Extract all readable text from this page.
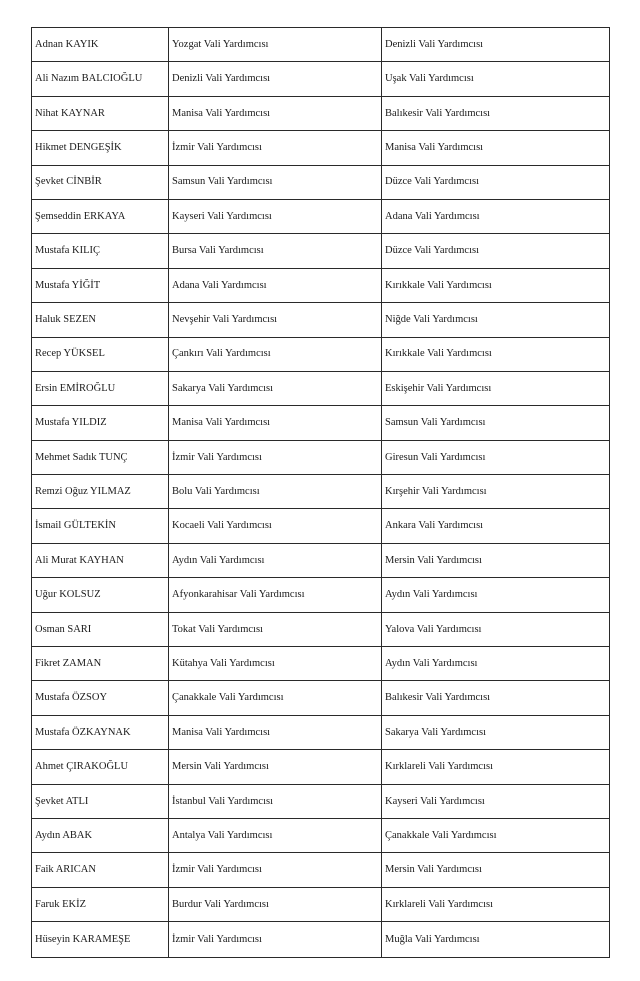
Adnan KAYIK	Yozgat Vali Yardımcısı	Denizli Vali Yardımcısı
Ali Nazım BALCIOĞLU	Denizli Vali Yardımcısı	Uşak Vali Yardımcısı
Nihat KAYNAR	Manisa Vali Yardımcısı	Balıkesir Vali Yardımcısı
Hikmet DENGEŞİK	İzmir Vali Yardımcısı	Manisa Vali Yardımcısı
Şevket CİNBİR	Samsun Vali Yardımcısı	Düzce Vali Yardımcısı
Şemseddin ERKAYA	Kayseri Vali Yardımcısı	Adana Vali Yardımcısı
Mustafa KILIÇ	Bursa Vali Yardımcısı	Düzce Vali Yardımcısı
Mustafa YİĞİT	Adana Vali Yardımcısı	Kırıkkale Vali Yardımcısı
Haluk SEZEN	Nevşehir Vali Yardımcısı	Niğde Vali Yardımcısı
Recep YÜKSEL	Çankırı Vali Yardımcısı	Kırıkkale Vali Yardımcısı
Ersin EMİROĞLU	Sakarya Vali Yardımcısı	Eskişehir Vali Yardımcısı
Mustafa YILDIZ	Manisa Vali Yardımcısı	Samsun Vali Yardımcısı
Mehmet Sadık TUNÇ	İzmir Vali Yardımcısı	Giresun Vali Yardımcısı
Remzi Oğuz YILMAZ	Bolu Vali Yardımcısı	Kırşehir Vali Yardımcısı
İsmail GÜLTEKİN	Kocaeli Vali Yardımcısı	Ankara Vali Yardımcısı
Ali Murat KAYHAN	Aydın Vali Yardımcısı	Mersin Vali Yardımcısı
Uğur KOLSUZ	Afyonkarahisar Vali Yardımcısı	Aydın Vali Yardımcısı
Osman SARI	Tokat Vali Yardımcısı	Yalova Vali Yardımcısı
Fikret ZAMAN	Kütahya Vali Yardımcısı	Aydın Vali Yardımcısı
Mustafa ÖZSOY	Çanakkale Vali Yardımcısı	Balıkesir Vali Yardımcısı
Mustafa ÖZKAYNAK	Manisa Vali Yardımcısı	Sakarya Vali Yardımcısı
Ahmet ÇIRAKOĞLU	Mersin Vali Yardımcısı	Kırklareli Vali Yardımcısı
Şevket ATLI	İstanbul Vali Yardımcısı	Kayseri Vali Yardımcısı
Aydın ABAK	Antalya Vali Yardımcısı	Çanakkale Vali Yardımcısı
Faik ARICAN	İzmir Vali Yardımcısı	Mersin Vali Yardımcısı
Faruk EKİZ	Burdur Vali Yardımcısı	Kırklareli Vali Yardımcısı
Hüseyin KARAMEŞE	İzmir Vali Yardımcısı	Muğla Vali Yardımcısı
